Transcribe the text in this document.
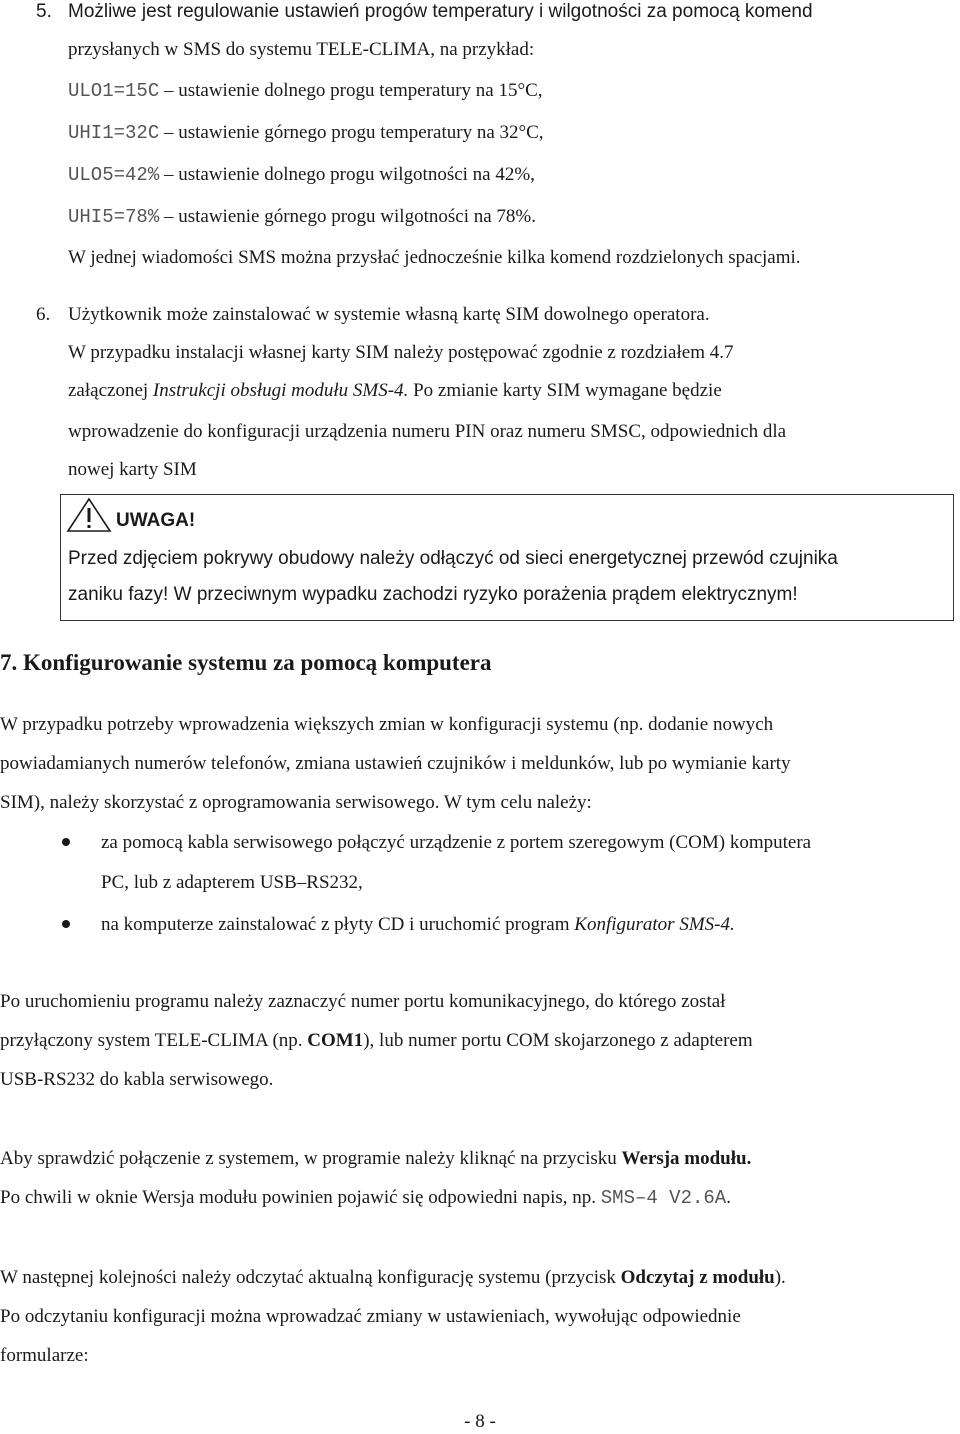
5. Możliwe jest regulowanie ustawień progów temperatury i wilgotności za pomocą komend
przysłanych w SMS do systemu TELE-CLIMA, na przykład:
ULO1=15C – ustawienie dolnego progu temperatury na 15°C,
UHI1=32C – ustawienie górnego progu temperatury na 32°C,
ULO5=42% – ustawienie dolnego progu wilgotności na 42%,
UHI5=78% – ustawienie górnego progu wilgotności na 78%.
W jednej wiadomości SMS można przysłać jednocześnie kilka komend rozdzielonych spacjami.
6. Użytkownik może zainstalować w systemie własną kartę SIM dowolnego operatora.
W przypadku instalacji własnej karty SIM należy postępować zgodnie z rozdziałem 4.7
załączonej Instrukcji obsługi modułu SMS-4. Po zmianie karty SIM wymagane będzie
wprowadzenie do konfiguracji urządzenia numeru PIN oraz numeru SMSC, odpowiednich dla
nowej karty SIM
UWAGA!
Przed zdjęciem pokrywy obudowy należy odłączyć od sieci energetycznej przewód czujnika
zaniku fazy! W przeciwnym wypadku zachodzi ryzyko porażenia prądem elektrycznym!
7. Konfigurowanie systemu za pomocą komputera
W przypadku potrzeby wprowadzenia większych zmian w konfiguracji systemu (np. dodanie nowych
powiadamianych numerów telefonów, zmiana ustawień czujników i meldunków, lub po wymianie karty
SIM), należy skorzystać z oprogramowania serwisowego. W tym celu należy:
za pomocą kabla serwisowego połączyć urządzenie z portem szeregowym (COM) komputera
PC, lub z adapterem USB–RS232,
na komputerze zainstalować z płyty CD i uruchomić program Konfigurator SMS-4.
Po uruchomieniu programu należy zaznaczyć numer portu komunikacyjnego, do którego został
przyłączony system TELE-CLIMA (np. COM1), lub numer portu COM skojarzonego z adapterem
USB-RS232 do kabla serwisowego.
Aby sprawdzić połączenie z systemem, w programie należy kliknąć na przycisku Wersja modułu.
Po chwili w oknie Wersja modułu powinien pojawić się odpowiedni napis, np. SMS–4 V2.6A.
W następnej kolejności należy odczytać aktualną konfigurację systemu (przycisk Odczytaj z modułu).
Po odczytaniu konfiguracji można wprowadzać zmiany w ustawieniach, wywołując odpowiednie
formularze:
- 8 -
